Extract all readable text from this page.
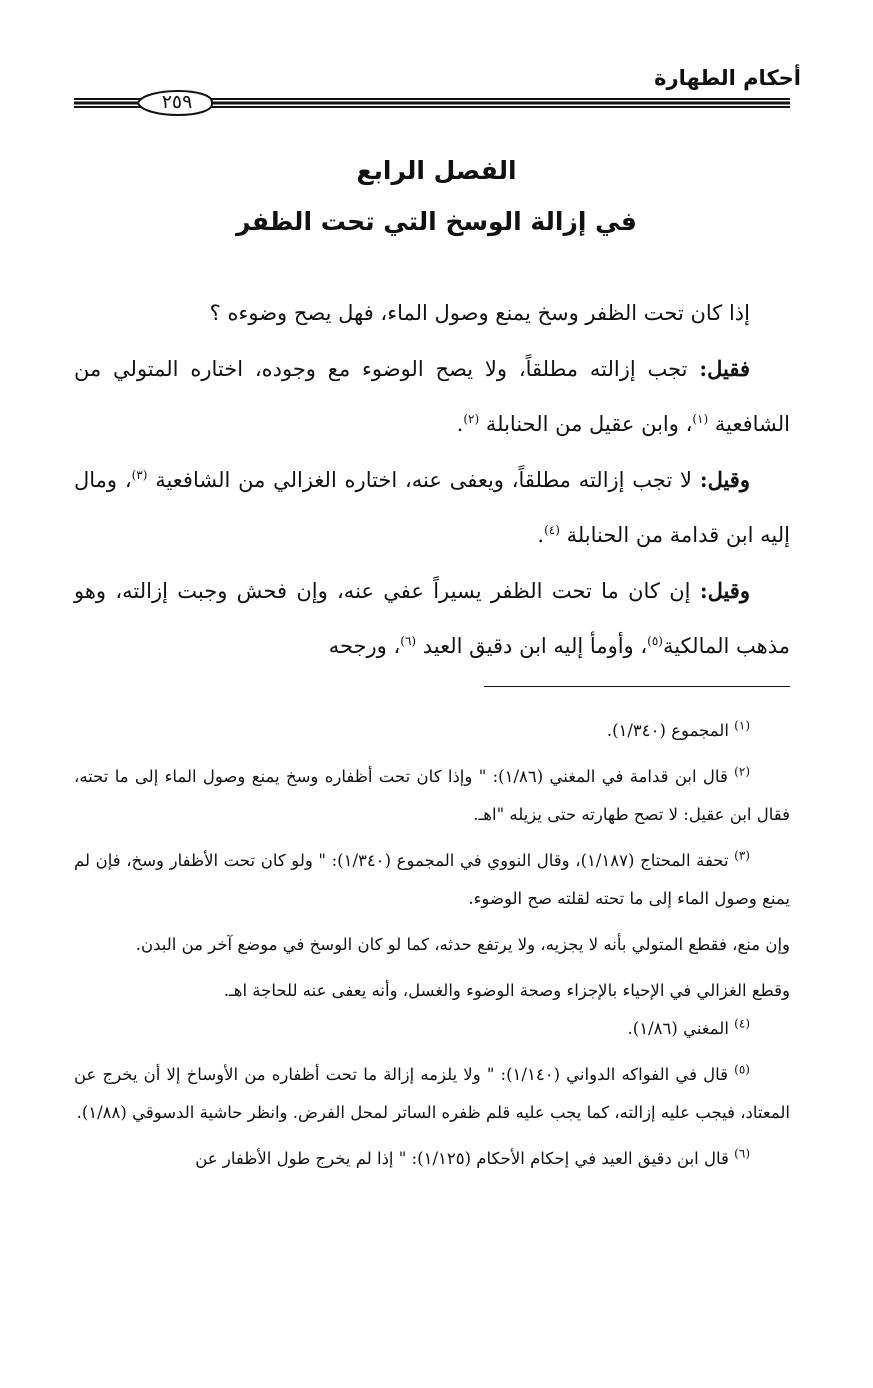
أحكام الطهارة
٢٥٩
الفصل الرابع
في إزالة الوسخ التي تحت الظفر

إذا كان تحت الظفر وسخ يمنع وصول الماء، فهل يصح وضوءه ؟

فقيل: تجب إزالته مطلقاً، ولا يصح الوضوء مع وجوده، اختاره المتولي من الشافعية $^{(١)}$، وابن عقيل من الحنابلة $^{(٢)}$.

وقيل: لا تجب إزالته مطلقاً، ويعفى عنه، اختاره الغزالي من الشافعية $^{(٣)}$، ومال إليه ابن قدامة من الحنابلة $^{(٤)}$.

وقيل: إن كان ما تحت الظفر يسيراً عفي عنه، وإن فحش وجبت إزالته، وهو مذهب المالكية$^{(٥)}$، وأومأ إليه ابن دقيق العيد $^{(٦)}$، ورجحه

$^{(١)}$ المجموع (١/٣٤٠).

$^{(٢)}$ قال ابن قدامة في المغني (١/٨٦): " وإذا كان تحت أظفاره وسخ يمنع وصول الماء إلى ما تحته، فقال ابن عقيل: لا تصح طهارته حتى يزيله "اهـ.

$^{(٣)}$ تحفة المحتاج (١/١٨٧)، وقال النووي في المجموع (١/٣٤٠): " ولو كان تحت الأظفار وسخ، فإن لم يمنع وصول الماء إلى ما تحته لقلته صح الوضوء.

وإن منع، فقطع المتولي بأنه لا يجزيه، ولا يرتفع حدثه، كما لو كان الوسخ في موضع آخر من البدن.

وقطع الغزالي في الإحياء بالإجزاء وصحة الوضوء والغسل، وأنه يعفى عنه للحاجة اهـ.

$^{(٤)}$ المغني (١/٨٦).

$^{(٥)}$ قال في الفواكه الدواني (١/١٤٠): " ولا يلزمه إزالة ما تحت أظفاره من الأوساخ إلا أن يخرج عن المعتاد، فيجب عليه إزالته، كما يجب عليه قلم ظفره الساتر لمحل الفرض. وانظر حاشية الدسوقي (١/٨٨).

$^{(٦)}$ قال ابن دقيق العيد في إحكام الأحكام (١/١٢٥): " إذا لم يخرج طول الأظفار عن
